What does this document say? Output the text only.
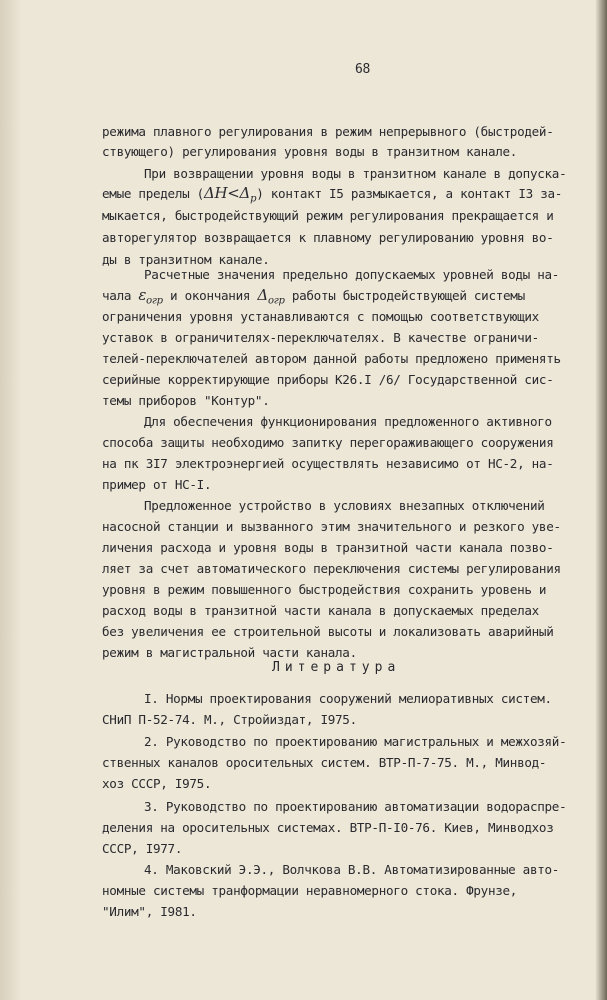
68
режима плавного регулирования в режим непрерывного (быстродей-
ствующего) регулирования уровня воды в транзитном канале.
При возвращении уровня воды в транзитном канале в допуска-
емые пределы $(\Delta H<\Delta_р)$ контакт I5 размыкается, а контакт I3 за-
мыкается, быстродействующий режим регулирования прекращается и
авторегулятор возвращается к плавному регулированию уровня во-
ды в транзитном канале.
Расчетные значения предельно допускаемых уровней воды на-
чала $\varepsilon_{огр}$ и окончания $\Delta_{огр}$ работы быстродействующей системы
ограничения уровня устанавливаются с помощью соответствующих
уставок в ограничителях-переключателях. В качестве ограничи-
телей-переключателей автором данной работы предложено применять
серийные корректирующие приборы К26.I /6/ Государственной сис-
темы приборов "Контур".
Для обеспечения функционирования предложенного активного
способа защиты необходимо запитку перегораживающего сооружения
на пк 3I7 электроэнергией осуществлять независимо от НС-2, на-
пример от НС-I.
Предложенное устройство в условиях внезапных отключений
насосной станции и вызванного этим значительного и резкого уве-
личения расхода и уровня воды в транзитной части канала позво-
ляет за счет автоматического переключения системы регулирования
уровня в режим повышенного быстродействия сохранить уровень и
расход воды в транзитной части канала в допускаемых пределах
без увеличения ее строительной высоты и локализовать аварийный
режим в магистральной части канала.
Литература
I. Нормы проектирования сооружений мелиоративных систем.
СНиП П-52-74. М., Стройиздат, I975.
2. Руководство по проектированию магистральных и межхозяй-
ственных каналов оросительных систем. ВТР-П-7-75. М., Минвод-
хоз СССР, I975.
3. Руководство по проектированию автоматизации водораспре-
деления на оросительных системах. ВТР-П-I0-76. Киев, Минводхоз
СССР, I977.
4. Маковский Э.Э., Волчкова В.В. Автоматизированные авто-
номные системы транформации неравномерного стока. Фрунзе,
"Илим", I981.
